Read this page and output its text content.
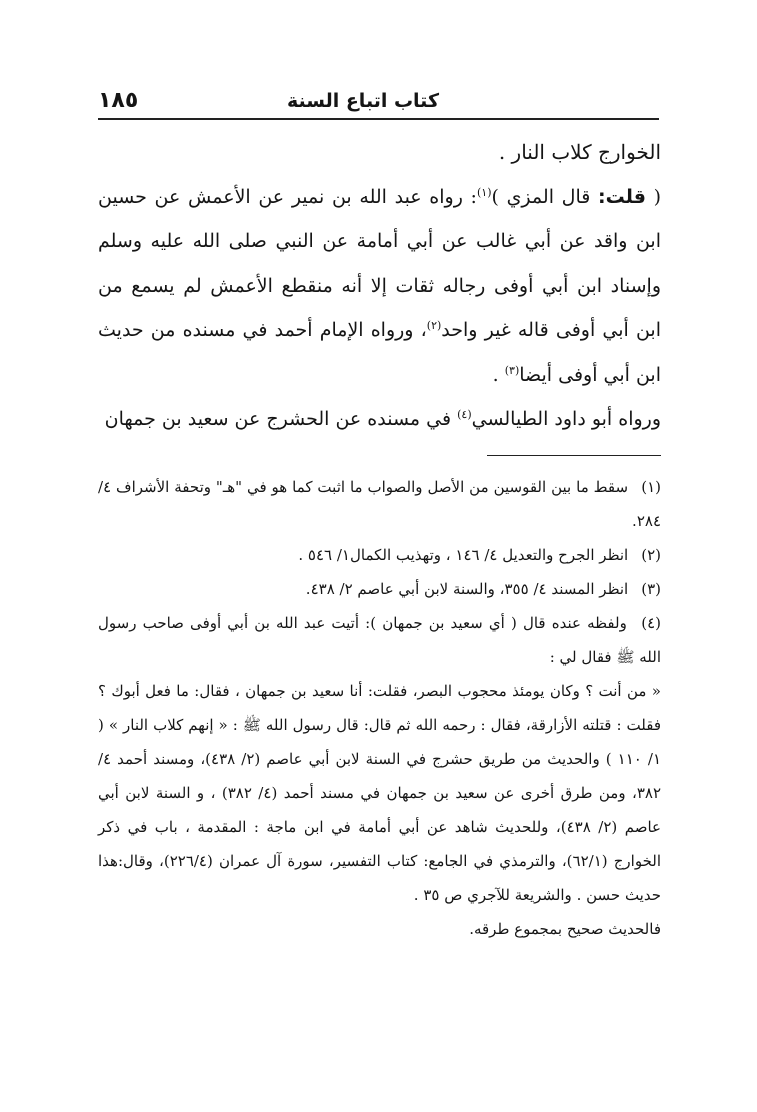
كتاب اتباع السنة
١٨٥

الخوارج كلاب النار .

( قلت: قال المزي )$^{(١)}$: رواه عبد الله بن نمير عن الأعمش عن حسين ابن واقد عن أبي غالب عن أبي أمامة عن النبي صلى الله عليه وسلم وإسناد ابن أبي أوفى رجاله ثقات إلا أنه منقطع الأعمش لم يسمع من ابن أبي أوفى قاله غير واحد$^{(٢)}$، ورواه الإمام أحمد في مسنده من حديث ابن أبي أوفى أيضا$^{(٣)}$ .

ورواه أبو داود الطيالسي$^{(٤)}$ في مسنده عن الحشرج عن سعيد بن جمهان

(١) سقط ما بين القوسين من الأصل والصواب ما اثبت كما هو في "هـ" وتحفة الأشراف ٤/ ٢٨٤.

(٢) انظر الجرح والتعديل ٤/ ١٤٦ ، وتهذيب الكمال١/ ٥٤٦ .

(٣) انظر المسند ٤/ ٣٥٥، والسنة لابن أبي عاصم ٢/ ٤٣٨.

(٤) ولفظه عنده قال ( أي سعيد بن جمهان ): أتيت عبد الله بن أبي أوفى صاحب رسول الله ﷺ فقال لي :

« من أنت ؟ وكان يومئذ محجوب البصر، فقلت: أنا سعيد بن جمهان ، فقال: ما فعل أبوك ؟ فقلت : قتلته الأزارقة، فقال : رحمه الله ثم قال: قال رسول الله ﷺ : « إنهم كلاب النار » ( ١/ ١١٠ ) والحديث من طريق حشرج في السنة لابن أبي عاصم (٢/ ٤٣٨)، ومسند أحمد ٤/ ٣٨٢، ومن طرق أخرى عن سعيد بن جمهان في مسند أحمد (٤/ ٣٨٢) ، و السنة لابن أبي عاصم (٢/ ٤٣٨)، وللحديث شاهد عن أبي أمامة في ابن ماجة : المقدمة ، باب في ذكر الخوارج (٦٢/١)، والترمذي في الجامع: كتاب التفسير، سورة آل عمران (٢٢٦/٤)، وقال:هذا حديث حسن . والشريعة للآجري ص ٣٥ .

فالحديث صحيح بمجموع طرقه.
